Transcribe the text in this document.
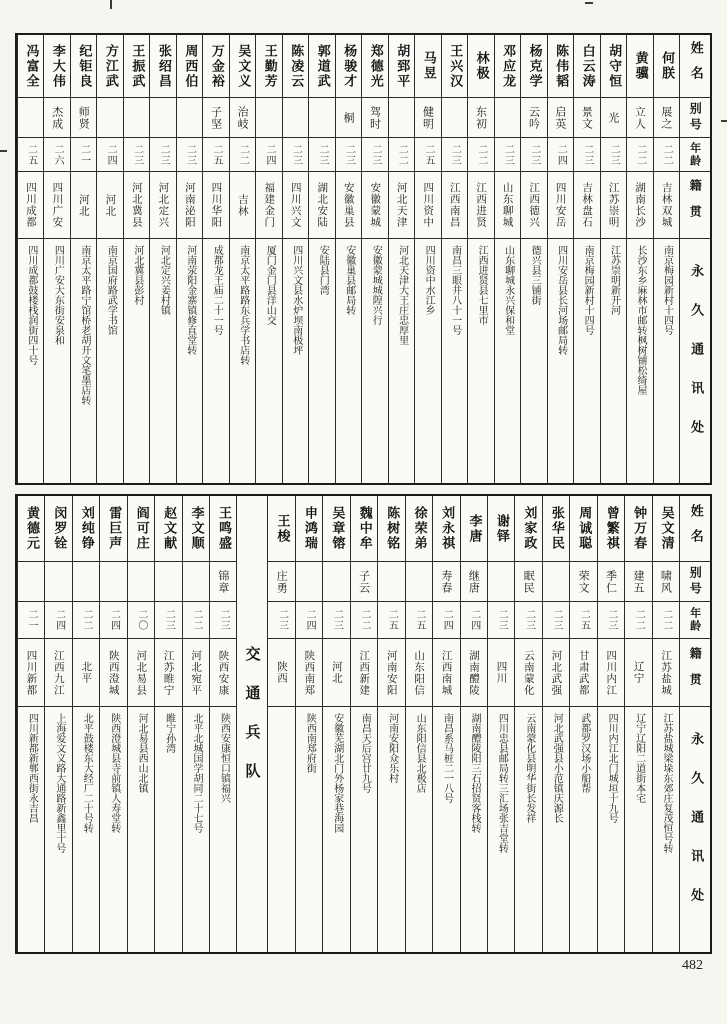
姓名
别号
年龄
籍贯
永久通讯处
何朕
展之
二二
吉林双城
南京梅园新村十四号
黄骥
立人
二二
湖南长沙
长沙东乡麻林市邮转枫树铺松绮屋
胡守恒
光
二三
江苏崇明
江苏崇明新开河
白云涛
景文
二三
吉林盘石
南京梅园新村十四号
陈伟韬
启英
二四
四川安岳
四川安岳县长河场邮局转
杨克学
云吟
二三
江西德兴
德兴县三铺街
邓应龙
二三
山东聊城
山东聊城永兴保和堂
林极
东初
二二
江西进贤
江西进贤县七里市
王兴汉
二三
江西南昌
南昌三眼井八十一号
马昱
健明
二五
四川资中
四川资中水江乡
胡郅平
二二
河北天津
河北天津大王庄忠厚里
郑德光
驾时
二三
安徽蒙城
安徽蒙城城隍兴行
杨骏才
桐
二三
安徽巢县
安徽巢县邮局转
郭道武
二三
湖北安陆
安陆县门湾
陈凌云
二三
四川兴文
四川兴文县水炉坝南极坪
王勤芳
二四
福建金门
厦门金门县洋山交
吴文义
治岐
二二
吉林
南京太平路路东兵学书店转
万金裕
子坚
二五
四川华阳
成都龙王庙二十一号
周西伯
二三
河南泌阳
河南荥阳金寨镇修直堂转
张绍昌
二三
河北定兴
河北定兴姜村镇
王振武
二三
河北冀县
河北冀县彭村
方江武
二四
河北
南京国府路武学书馆
纪钜良
师贤
二一
河北
南京太平路宁馆桥老胡开文笔墨店转
李大伟
杰成
二六
四川广安
四川广安大东街安泉和
冯富全
二五
四川成都
四川成都鼓楼栈润街四十号
姓名
别号
年龄
籍贯
永久通讯处
吴文清
啸风
二二
江苏盐城
江苏盐城梁垛东郊庄复茂恒号转
钟万春
建五
二二
辽宁
辽宁辽阳二道街本宅
曾繁祺
季仁
二三
四川内江
四川内江北门城垣十九号
周诚聪
荣文
二五
甘肃武都
武都罗汉场小船帮
张华民
二三
河北武强
河北武强县小范镇庆源长
刘家政
眠民
二三
云南蒙化
云南蒙化县明华街长发祥
谢铎
二三
四川
四川忠县邮局转三汇场张吉堂转
李唐
继唐
二四
湖南醴陵
湖南醴陵阳三石招贤客栈转
刘永祺
寿春
二四
江西南城
南昌系马桩二一八号
徐荣弟
二五
山东阳信
山东阳信县北极店
陈树铭
二五
河南安阳
河南安阳众乐村
魏中牟
子云
二二
江西新建
南昌天后宫廿九号
吴章镕
二三
河北
安徽芜湖北门外杨家巷海园
申鸿瑞
二四
陕西南郑
陕西南郑府街
王梭
庄勇
二三
陕西
交通兵队
王鸣盛
锦章
二三
陕西安康
陕西安康恒口镇福兴
李文顺
二二
河北宛平
北平北城国学胡同二十七号
赵文献
二三
江苏睢宁
睢宁孙湾
阎可庄
二〇
河北易县
河北易县西山北镇
雷巨声
二四
陕西澄城
陕西澄城县寺前镇人寿堂转
刘纯铮
二二
北平
北平鼓楼东大经厂二十号转
闵罗铨
二四
江西九江
上海爱文义路大通路新鑫里十号
黄德元
二一
四川新都
四川新都新郸西街永吉昌
482
